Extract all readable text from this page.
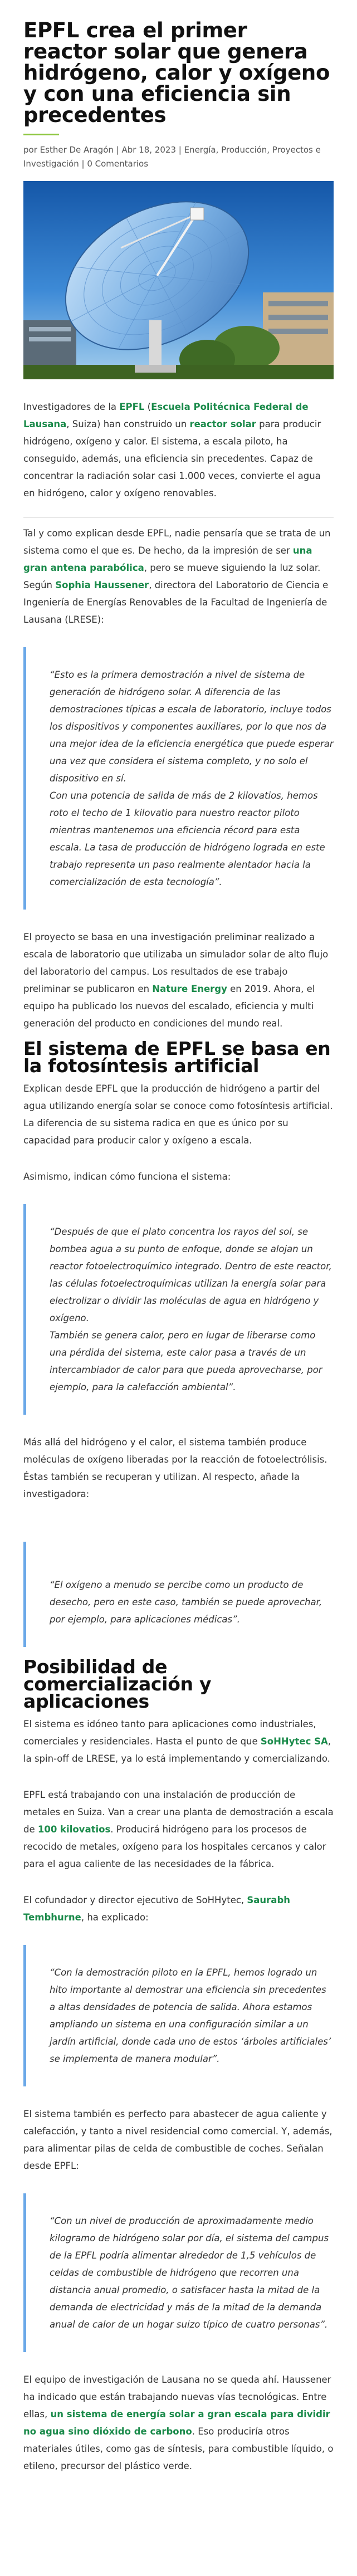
EPFL crea el primer reactor solar que genera hidrógeno, calor y oxígeno y con una eficiencia sin precedentes
por Esther De Aragón | Abr 18, 2023 | Energía, Producción, Proyectos e Investigación | 0 Comentarios

Investigadores de la EPFL (Escuela Politécnica Federal de Lausana, Suiza) han construido un reactor solar para producir hidrógeno, oxígeno y calor. El sistema, a escala piloto, ha conseguido, además, una eficiencia sin precedentes. Capaz de concentrar la radiación solar casi 1.000 veces, convierte el agua en hidrógeno, calor y oxígeno renovables.

Tal y como explican desde EPFL, nadie pensaría que se trata de un sistema como el que es. De hecho, da la impresión de ser una gran antena parabólica, pero se mueve siguiendo la luz solar. Según Sophia Haussener, directora del Laboratorio de Ciencia e Ingeniería de Energías Renovables de la Facultad de Ingeniería de Lausana (LRESE):

“Esto es la primera demostración a nivel de sistema de generación de hidrógeno solar. A diferencia de las demostraciones típicas a escala de laboratorio, incluye todos los dispositivos y componentes auxiliares, por lo que nos da una mejor idea de la eficiencia energética que puede esperar una vez que considera el sistema completo, y no solo el dispositivo en sí.

Con una potencia de salida de más de 2 kilovatios, hemos roto el techo de 1 kilovatio para nuestro reactor piloto mientras mantenemos una eficiencia récord para esta escala. La tasa de producción de hidrógeno lograda en este trabajo representa un paso realmente alentador hacia la comercialización de esta tecnología”.

El proyecto se basa en una investigación preliminar realizado a escala de laboratorio que utilizaba un simulador solar de alto flujo del laboratorio del campus. Los resultados de ese trabajo preliminar se publicaron en Nature Energy en 2019. Ahora, el equipo ha publicado los nuevos del escalado, eficiencia y multi generación del producto en condiciones del mundo real.

El sistema de EPFL se basa en la fotosíntesis artificial

Explican desde EPFL que la producción de hidrógeno a partir del agua utilizando energía solar se conoce como fotosíntesis artificial. La diferencia de su sistema radica en que es único por su capacidad para producir calor y oxígeno a escala.

Asimismo, indican cómo funciona el sistema:

“Después de que el plato concentra los rayos del sol, se bombea agua a su punto de enfoque, donde se alojan un reactor fotoelectroquímico integrado. Dentro de este reactor, las células fotoelectroquímicas utilizan la energía solar para electrolizar o dividir las moléculas de agua en hidrógeno y oxígeno.

También se genera calor, pero en lugar de liberarse como una pérdida del sistema, este calor pasa a través de un intercambiador de calor para que pueda aprovecharse, por ejemplo, para la calefacción ambiental”.

Más allá del hidrógeno y el calor, el sistema también produce moléculas de oxígeno liberadas por la reacción de fotoelectrólisis. Éstas también se recuperan y utilizan. Al respecto, añade la investigadora:

“El oxígeno a menudo se percibe como un producto de desecho, pero en este caso, también se puede aprovechar, por ejemplo, para aplicaciones médicas”.

Posibilidad de comercialización y aplicaciones

El sistema es idóneo tanto para aplicaciones como industriales, comerciales y residenciales. Hasta el punto de que SoHHytec SA, la spin-off de LRESE, ya lo está implementando y comercializando.

EPFL está trabajando con una instalación de producción de metales en Suiza. Van a crear una planta de demostración a escala de 100 kilovatios. Producirá hidrógeno para los procesos de recocido de metales, oxígeno para los hospitales cercanos y calor para el agua caliente de las necesidades de la fábrica.

El cofundador y director ejecutivo de SoHHytec, Saurabh Tembhurne, ha explicado:

“Con la demostración piloto en la EPFL, hemos logrado un hito importante al demostrar una eficiencia sin precedentes a altas densidades de potencia de salida. Ahora estamos ampliando un sistema en una configuración similar a un jardín artificial, donde cada uno de estos ‘árboles artificiales’ se implementa de manera modular”.

El sistema también es perfecto para abastecer de agua caliente y calefacción, y tanto a nivel residencial como comercial. Y, además, para alimentar pilas de celda de combustible de coches. Señalan desde EPFL:

“Con un nivel de producción de aproximadamente medio kilogramo de hidrógeno solar por día, el sistema del campus de la EPFL podría alimentar alrededor de 1,5 vehículos de celdas de combustible de hidrógeno que recorren una distancia anual promedio, o satisfacer hasta la mitad de la demanda de electricidad y más de la mitad de la demanda anual de calor de un hogar suizo típico de cuatro personas”.

El equipo de investigación de Lausana no se queda ahí. Haussener ha indicado que están trabajando nuevas vías tecnológicas. Entre ellas, un sistema de energía solar a gran escala para dividir no agua sino dióxido de carbono. Eso produciría otros materiales útiles, como gas de síntesis, para combustible líquido, o etileno, precursor del plástico verde.
